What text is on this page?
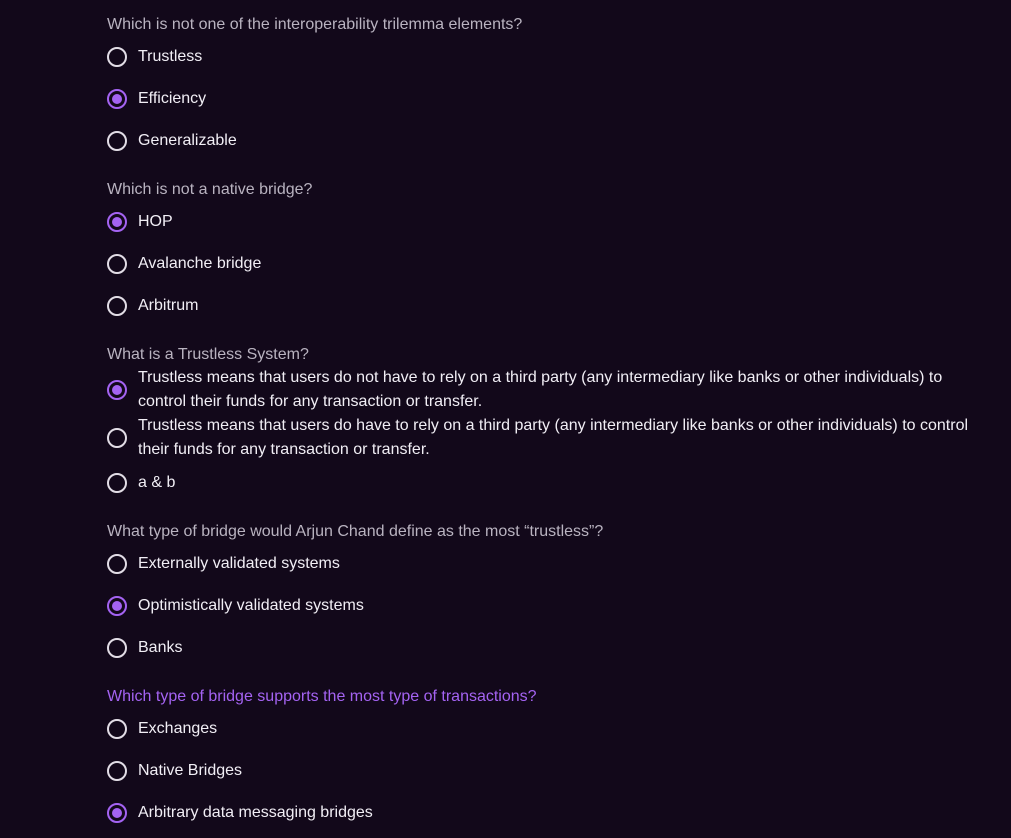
Which is not one of the interoperability trilemma elements?
Trustless
Efficiency
Generalizable
Which is not a native bridge?
HOP
Avalanche bridge
Arbitrum
What is a Trustless System?
Trustless means that users do not have to rely on a third party (any intermediary like banks or other individuals) to control their funds for any transaction or transfer.
Trustless means that users do have to rely on a third party (any intermediary like banks or other individuals) to control their funds for any transaction or transfer.
a & b
What type of bridge would Arjun Chand define as the most “trustless”?
Externally validated systems
Optimistically validated systems
Banks
Which type of bridge supports the most type of transactions?
Exchanges
Native Bridges
Arbitrary data messaging bridges
